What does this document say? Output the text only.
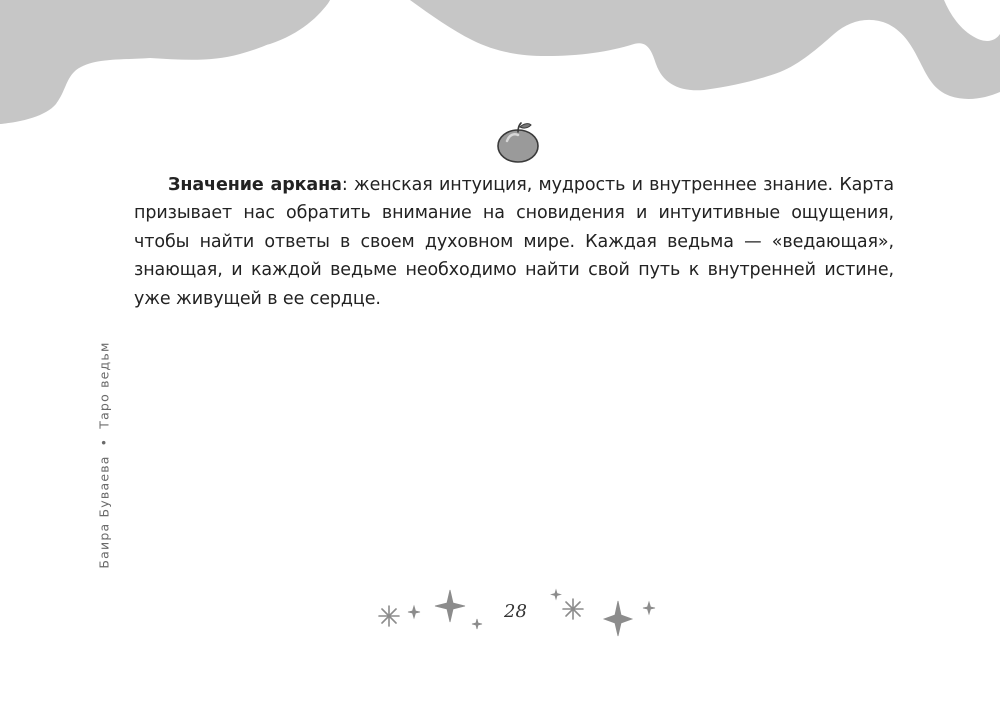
Баира Буваева•Таро ведьм

Значение аркана: женская интуиция, мудрость и внутреннее знание. Карта призывает нас обратить внимание на сновидения и интуитивные ощущения, чтобы найти ответы в своем духовном мире. Каждая ведьма — «ведающая», знающая, и каждой ведьме необходимо найти свой путь к внутренней истине, уже живущей в ее сердце.

28
